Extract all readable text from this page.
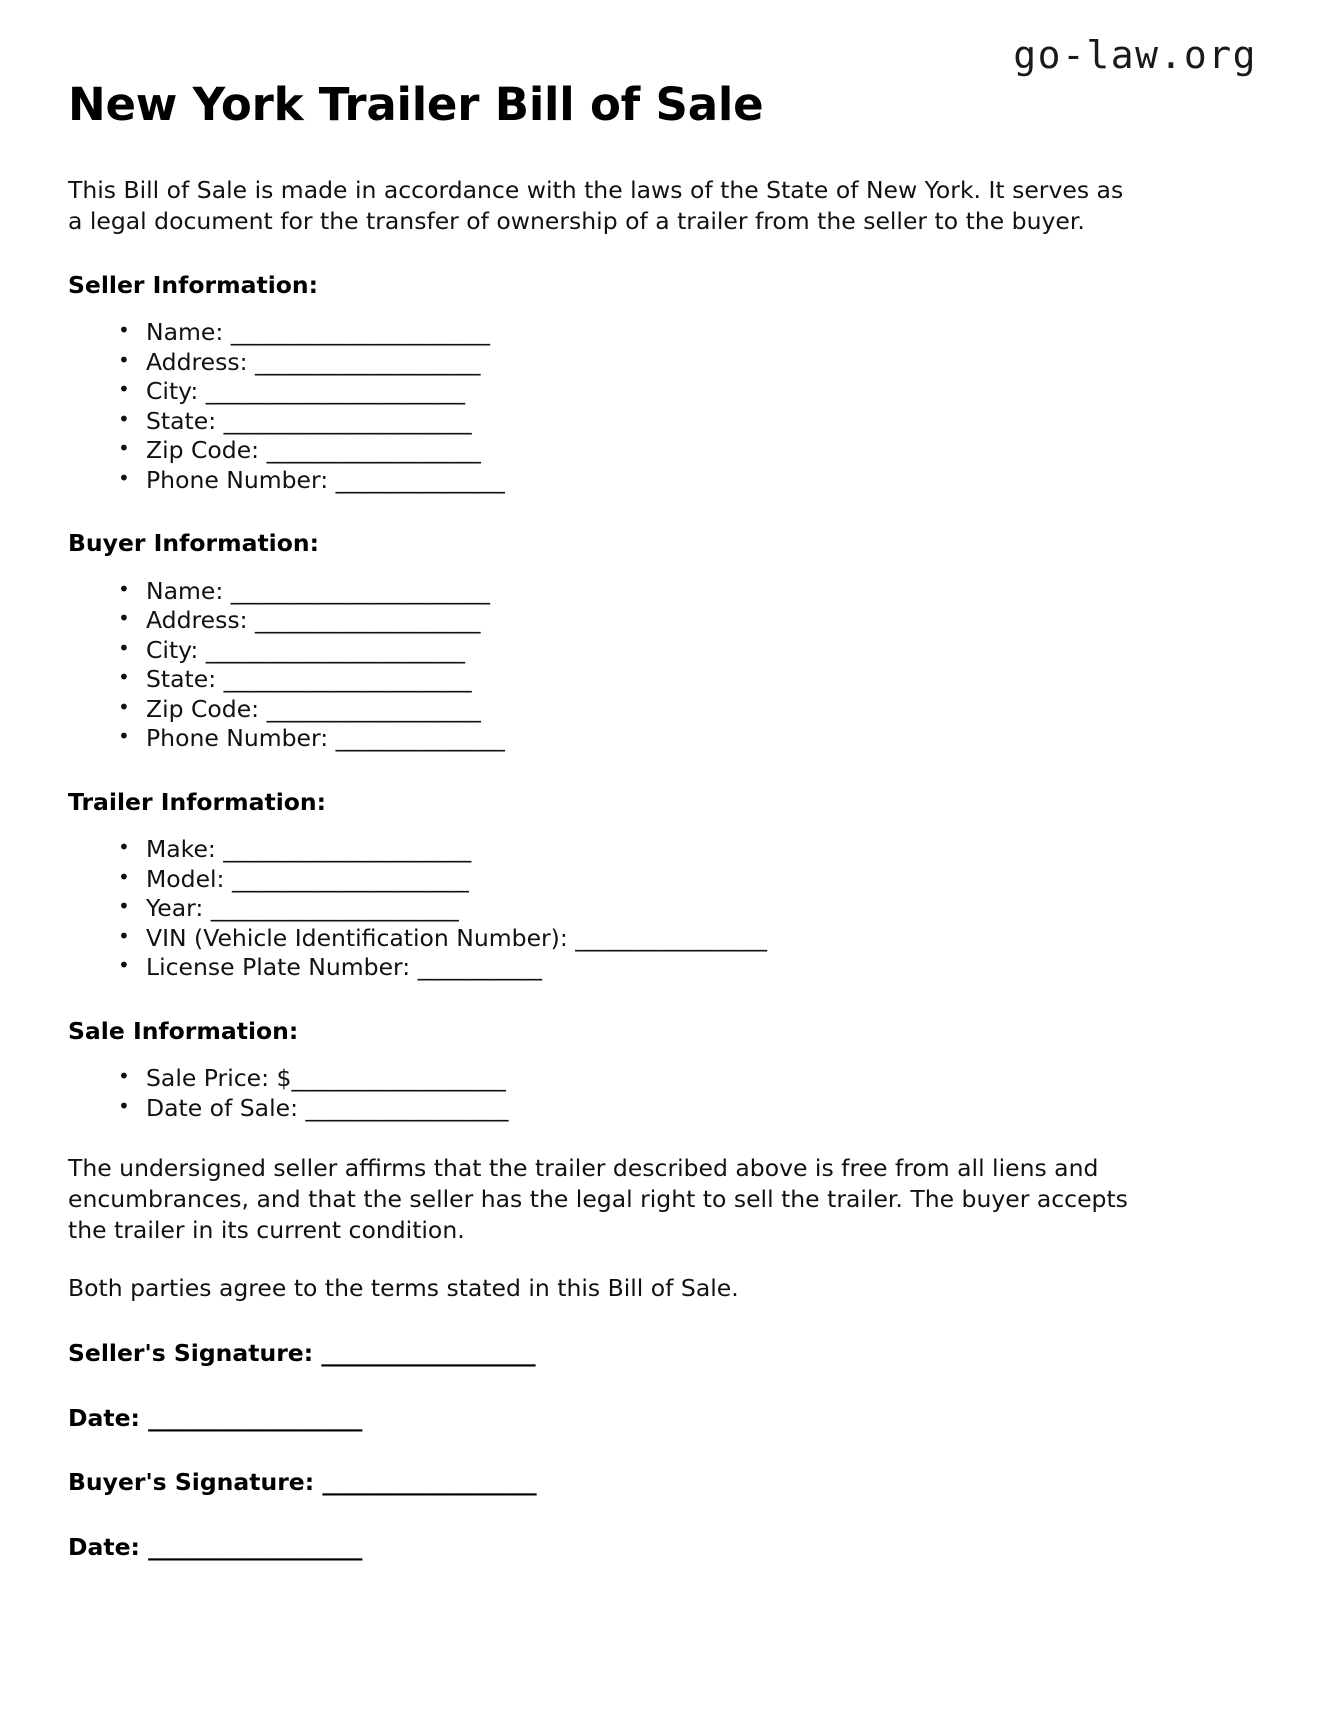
go-law.org
New York Trailer Bill of Sale

This Bill of Sale is made in accordance with the laws of the State of New York. It serves as a legal document for the transfer of ownership of a trailer from the seller to the buyer.

Seller Information:
• Name: _______________________
• Address: ____________________
• City: _______________________
• State: ______________________
• Zip Code: ___________________
• Phone Number: _______________
Buyer Information:
• Name: _______________________
• Address: ____________________
• City: _______________________
• State: ______________________
• Zip Code: ___________________
• Phone Number: _______________
Trailer Information:
• Make: ______________________
• Model: _____________________
• Year: ______________________
• VIN (Vehicle Identification Number): _________________
• License Plate Number: ___________
Sale Information:
• Sale Price: $___________________
• Date of Sale: __________________

The undersigned seller affirms that the trailer described above is free from all liens and encumbrances, and that the seller has the legal right to sell the trailer. The buyer accepts the trailer in its current condition.

Both parties agree to the terms stated in this Bill of Sale.

Seller's Signature: ___________________

Date: ___________________

Buyer's Signature: ___________________

Date: ___________________
